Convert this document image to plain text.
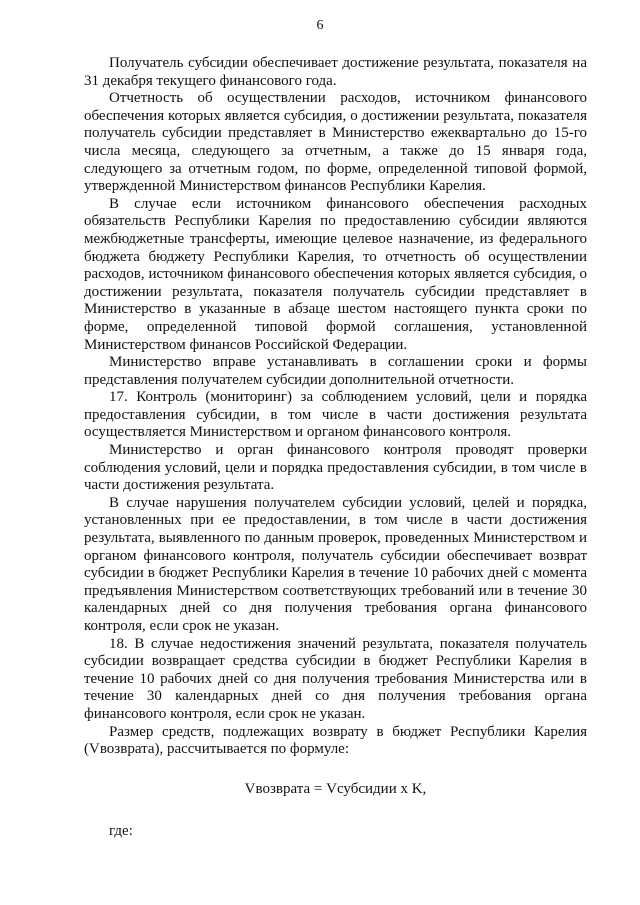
6

Получатель субсидии обеспечивает достижение результата, показателя на 31 декабря текущего финансового года.

Отчетность об осуществлении расходов, источником финансового обеспечения которых является субсидия, о достижении результата, показателя получатель субсидии представляет в Министерство ежеквартально до 15-го числа месяца, следующего за отчетным, а также до 15 января года, следующего за отчетным годом, по форме, определенной типовой формой, утвержденной Министерством финансов Республики Карелия.

В случае если источником финансового обеспечения расходных обязательств Республики Карелия по предоставлению субсидии являются межбюджетные трансферты, имеющие целевое назначение, из федерального бюджета бюджету Республики Карелия, то отчетность об осуществлении расходов, источником финансового обеспечения которых является субсидия, о достижении результата, показателя получатель субсидии представляет в Министерство в указанные в абзаце шестом настоящего пункта сроки по форме, определенной типовой формой соглашения, установленной Министерством финансов Российской Федерации.

Министерство вправе устанавливать в соглашении сроки и формы представления получателем субсидии дополнительной отчетности.

17. Контроль (мониторинг) за соблюдением условий, цели и порядка предоставления субсидии, в том числе в части достижения результата осуществляется Министерством и органом финансового контроля.

Министерство и орган финансового контроля проводят проверки соблюдения условий, цели и порядка предоставления субсидии, в том числе в части достижения результата.

В случае нарушения получателем субсидии условий, целей и порядка, установленных при ее предоставлении, в том числе в части достижения результата, выявленного по данным проверок, проведенных Министерством и органом финансового контроля, получатель субсидии обеспечивает возврат субсидии в бюджет Республики Карелия в течение 10 рабочих дней с момента предъявления Министерством соответствующих требований или в течение 30 календарных дней со дня получения требования органа финансового контроля, если срок не указан.

18. В случае недостижения значений результата, показателя получатель субсидии возвращает средства субсидии в бюджет Республики Карелия в течение 10 рабочих дней со дня получения требования Министерства или в течение 30 календарных дней со дня получения требования органа финансового контроля, если срок не указан.

Размер средств, подлежащих возврату в бюджет Республики Карелия (Vвозврата), рассчитывается по формуле:

Vвозврата = Vсубсидии x K,

где:
